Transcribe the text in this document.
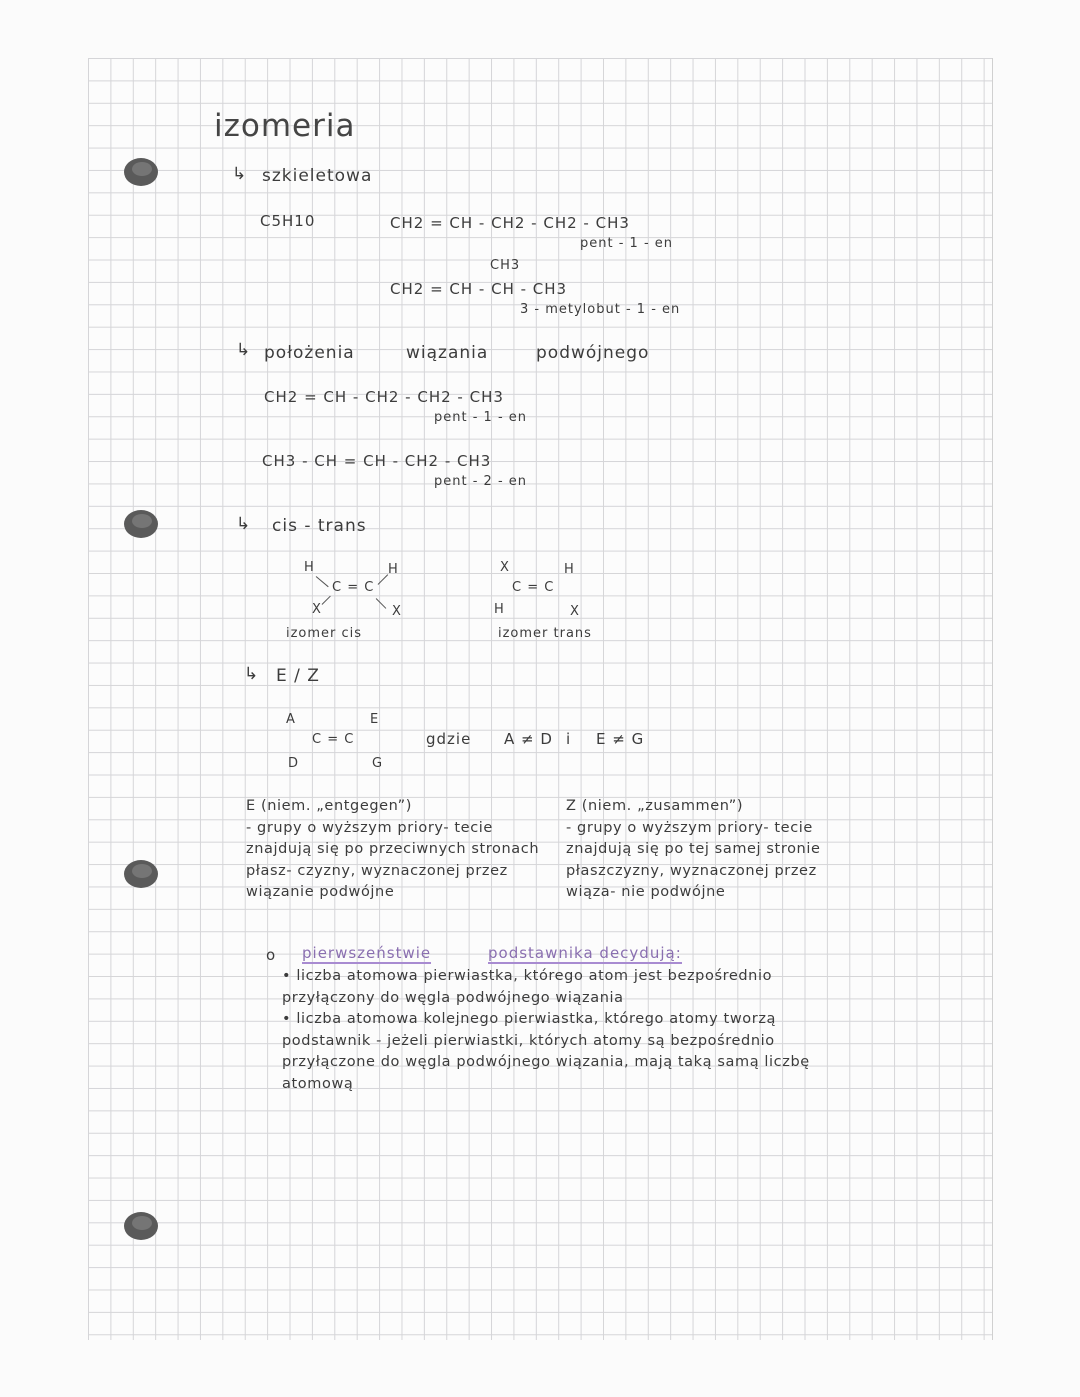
izomeria
↳ szkieletowa
C5H10	CH2 = CH - CH2 - CH2 - CH3
pent - 1 - en
CH3
CH2 = CH - CH - CH3
3 - metylobut - 1 - en
↳ położenia	wiązania	podwójnego
CH2 = CH - CH2 - CH2 - CH3
pent - 1 - en
CH3 - CH = CH - CH2 - CH3
pent - 2 - en
↳ cis - trans
H	H
C = C
X	X
izomer cis
X	H
C = C
H	X
izomer trans
↳ E / Z
A	E
C = C
D	G
gdzie A ≠ D i E ≠ G
E (niem. „entgegen”)
- grupy o wyższym priory- tecie znajdują się po przeciwnych stronach płasz- czyzny, wyznaczonej przez wiązanie podwójne
Z (niem. „zusammen”)
- grupy o wyższym priory- tecie znajdują się po tej samej stronie płaszczyzny, wyznaczonej przez wiąza- nie podwójne
o pierwszeństwie	podstawnika decydują:
• liczba atomowa pierwiastka, którego atom jest bezpośrednio przyłączony do węgla podwójnego wiązania
• liczba atomowa kolejnego pierwiastka, którego atomy tworzą podstawnik - jeżeli pierwiastki, których atomy są bezpośrednio przyłączone do węgla podwójnego wiązania, mają taką samą liczbę atomową
